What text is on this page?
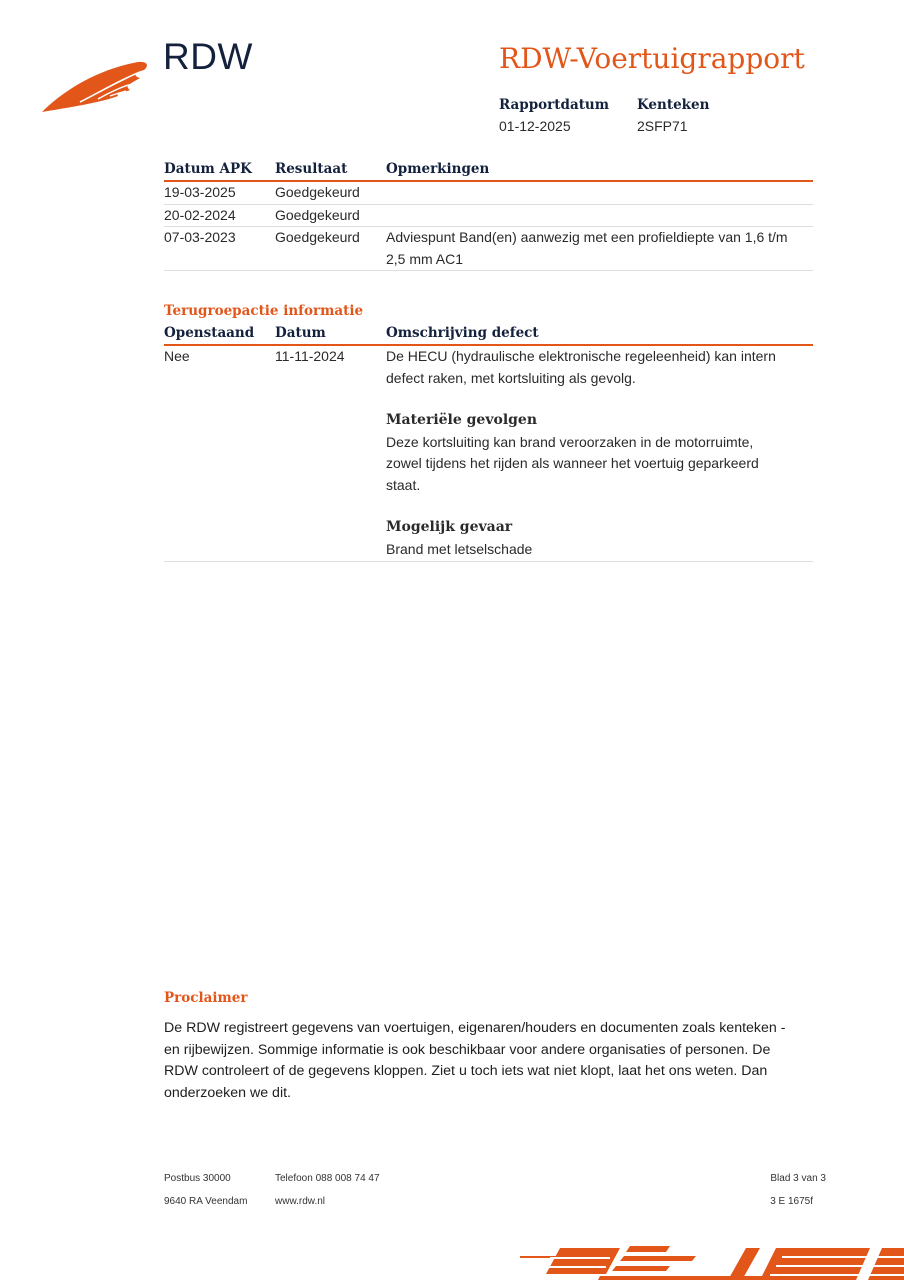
RDW	RDW-Voertuigrapport
Rapportdatum
01-12-2025
Kenteken
2SFP71
Datum APK	Resultaat	Opmerkingen
19-03-2025	Goedgekeurd
20-02-2024	Goedgekeurd
07-03-2023	Goedgekeurd	Adviespunt Band(en) aanwezig met een profieldiepte van 1,6 t/m 2,5 mm AC1
Terugroepactie informatie
Openstaand	Datum	Omschrijving defect
Nee	11-11-2024	De HECU (hydraulische elektronische regeleenheid) kan intern defect raken, met kortsluiting als gevolg.
Materiële gevolgen
Deze kortsluiting kan brand veroorzaken in de motorruimte, zowel tijdens het rijden als wanneer het voertuig geparkeerd staat.
Mogelijk gevaar
Brand met letselschade
Proclaimer
De RDW registreert gegevens van voertuigen, eigenaren/houders en documenten zoals kenteken - en rijbewijzen. Sommige informatie is ook beschikbaar voor andere organisaties of personen. De RDW controleert of de gegevens kloppen. Ziet u toch iets wat niet klopt, laat het ons weten. Dan onderzoeken we dit.
Postbus 30000
9640 RA Veendam
Telefoon 088 008 74 47
www.rdw.nl
Blad 3 van 3
3 E 1675f
